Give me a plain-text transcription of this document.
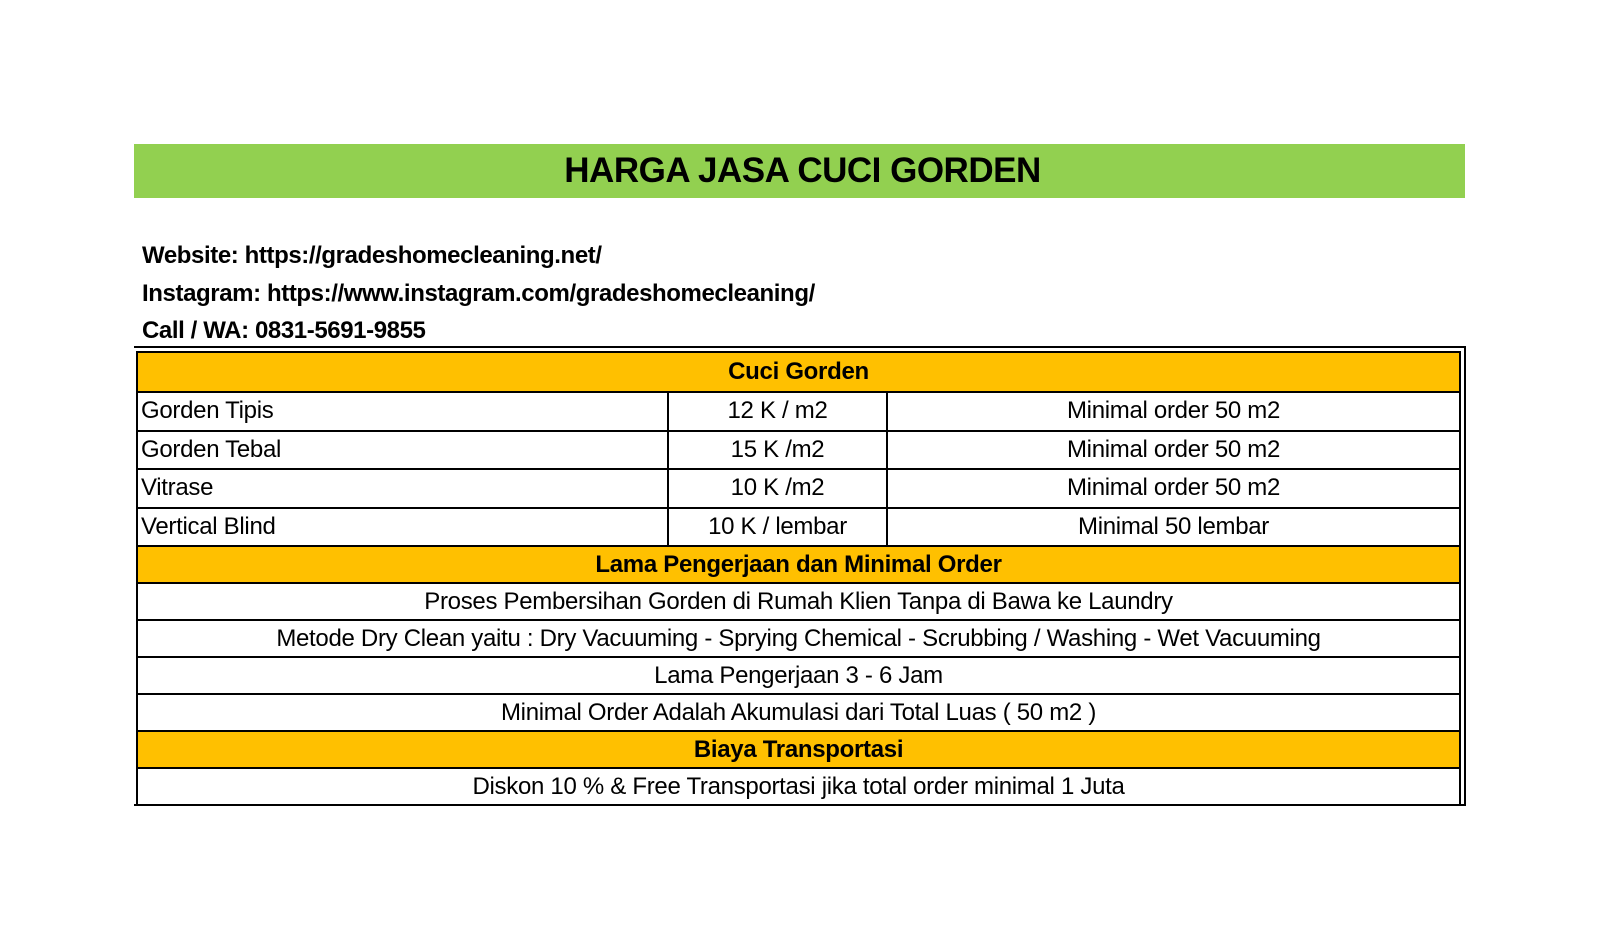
HARGA JASA CUCI GORDEN
Website: https://gradeshomecleaning.net/
Instagram: https://www.instagram.com/gradeshomecleaning/
Call / WA: 0831-5691-9855
Cuci Gorden		
Gorden Tipis	12 K / m2	Minimal order 50 m2
Gorden Tebal	15 K /m2	Minimal order 50 m2
Vitrase	10 K /m2	Minimal order 50 m2
Vertical Blind	10 K / lembar	Minimal 50 lembar
Lama Pengerjaan dan Minimal Order		
Proses Pembersihan Gorden di Rumah Klien Tanpa di Bawa ke Laundry		
Metode Dry Clean yaitu : Dry Vacuuming - Sprying Chemical - Scrubbing / Washing - Wet Vacuuming		
Lama Pengerjaan 3 - 6 Jam		
Minimal Order Adalah Akumulasi dari Total Luas ( 50 m2 )		
Biaya Transportasi		
Diskon 10 % & Free Transportasi jika total order minimal 1 Juta		
